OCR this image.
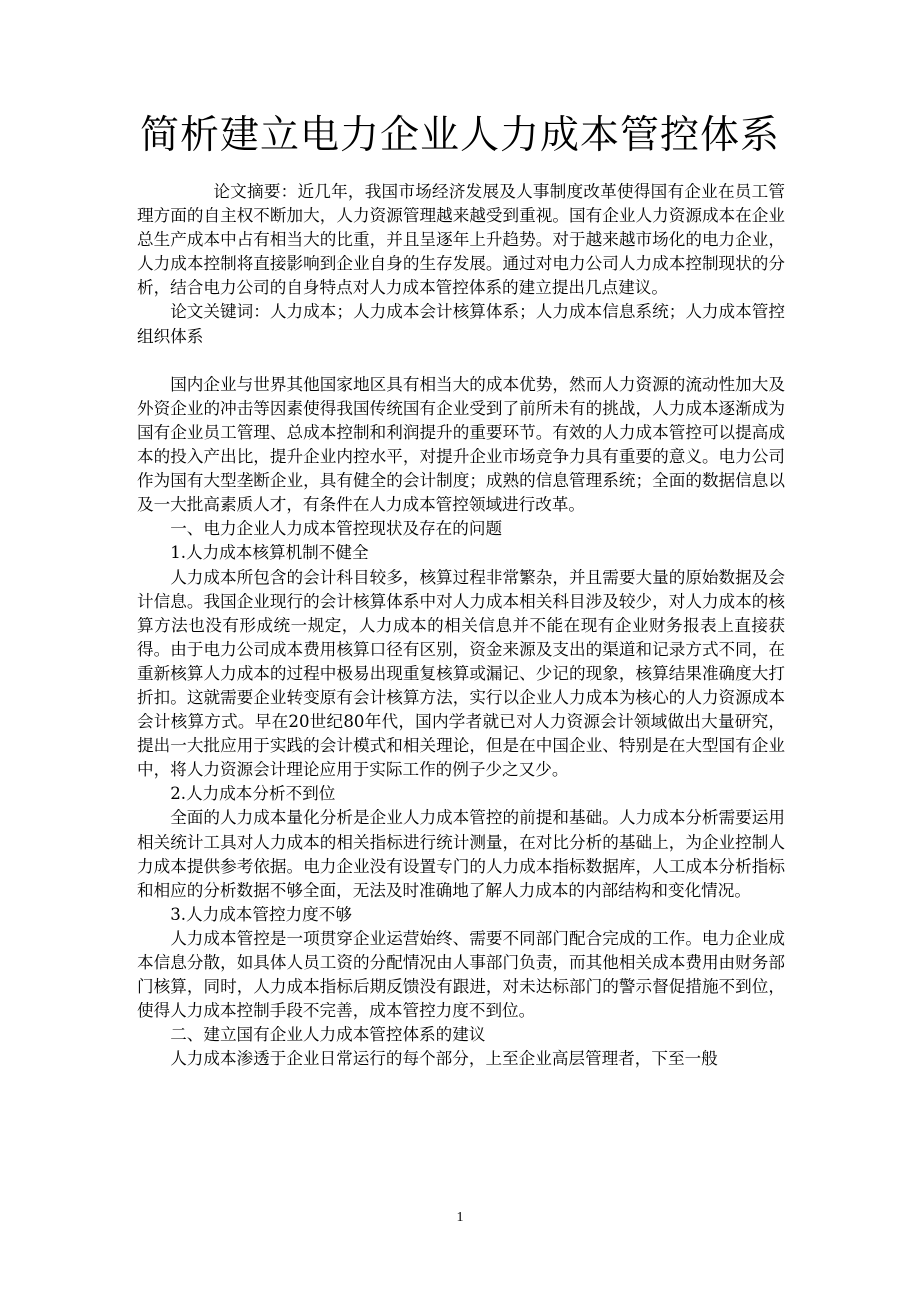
简析建立电力企业人力成本管控体系

论文摘要：近几年，我国市场经济发展及人事制度改革使得国有企业在员工管理方面的自主权不断加大，人力资源管理越来越受到重视。国有企业人力资源成本在企业总生产成本中占有相当大的比重，并且呈逐年上升趋势。对于越来越市场化的电力企业，人力成本控制将直接影响到企业自身的生存发展。通过对电力公司人力成本控制现状的分析，结合电力公司的自身特点对人力成本管控体系的建立提出几点建议。

论文关键词：人力成本；人力成本会计核算体系；人力成本信息系统；人力成本管控组织体系

国内企业与世界其他国家地区具有相当大的成本优势，然而人力资源的流动性加大及外资企业的冲击等因素使得我国传统国有企业受到了前所未有的挑战，人力成本逐渐成为国有企业员工管理、总成本控制和利润提升的重要环节。有效的人力成本管控可以提高成本的投入产出比，提升企业内控水平，对提升企业市场竞争力具有重要的意义。电力公司作为国有大型垄断企业，具有健全的会计制度；成熟的信息管理系统；全面的数据信息以及一大批高素质人才，有条件在人力成本管控领域进行改革。

一、电力企业人力成本管控现状及存在的问题

1.人力成本核算机制不健全

人力成本所包含的会计科目较多，核算过程非常繁杂，并且需要大量的原始数据及会计信息。我国企业现行的会计核算体系中对人力成本相关科目涉及较少，对人力成本的核算方法也没有形成统一规定，人力成本的相关信息并不能在现有企业财务报表上直接获得。由于电力公司成本费用核算口径有区别，资金来源及支出的渠道和记录方式不同，在重新核算人力成本的过程中极易出现重复核算或漏记、少记的现象，核算结果准确度大打折扣。这就需要企业转变原有会计核算方法，实行以企业人力成本为核心的人力资源成本会计核算方式。早在20世纪80年代，国内学者就已对人力资源会计领域做出大量研究，提出一大批应用于实践的会计模式和相关理论，但是在中国企业、特别是在大型国有企业中，将人力资源会计理论应用于实际工作的例子少之又少。

2.人力成本分析不到位

全面的人力成本量化分析是企业人力成本管控的前提和基础。人力成本分析需要运用相关统计工具对人力成本的相关指标进行统计测量，在对比分析的基础上，为企业控制人力成本提供参考依据。电力企业没有设置专门的人力成本指标数据库，人工成本分析指标和相应的分析数据不够全面，无法及时准确地了解人力成本的内部结构和变化情况。

3.人力成本管控力度不够

人力成本管控是一项贯穿企业运营始终、需要不同部门配合完成的工作。电力企业成本信息分散，如具体人员工资的分配情况由人事部门负责，而其他相关成本费用由财务部门核算，同时，人力成本指标后期反馈没有跟进，对未达标部门的警示督促措施不到位，使得人力成本控制手段不完善，成本管控力度不到位。

二、建立国有企业人力成本管控体系的建议

人力成本渗透于企业日常运行的每个部分，上至企业高层管理者，下至一般

1
